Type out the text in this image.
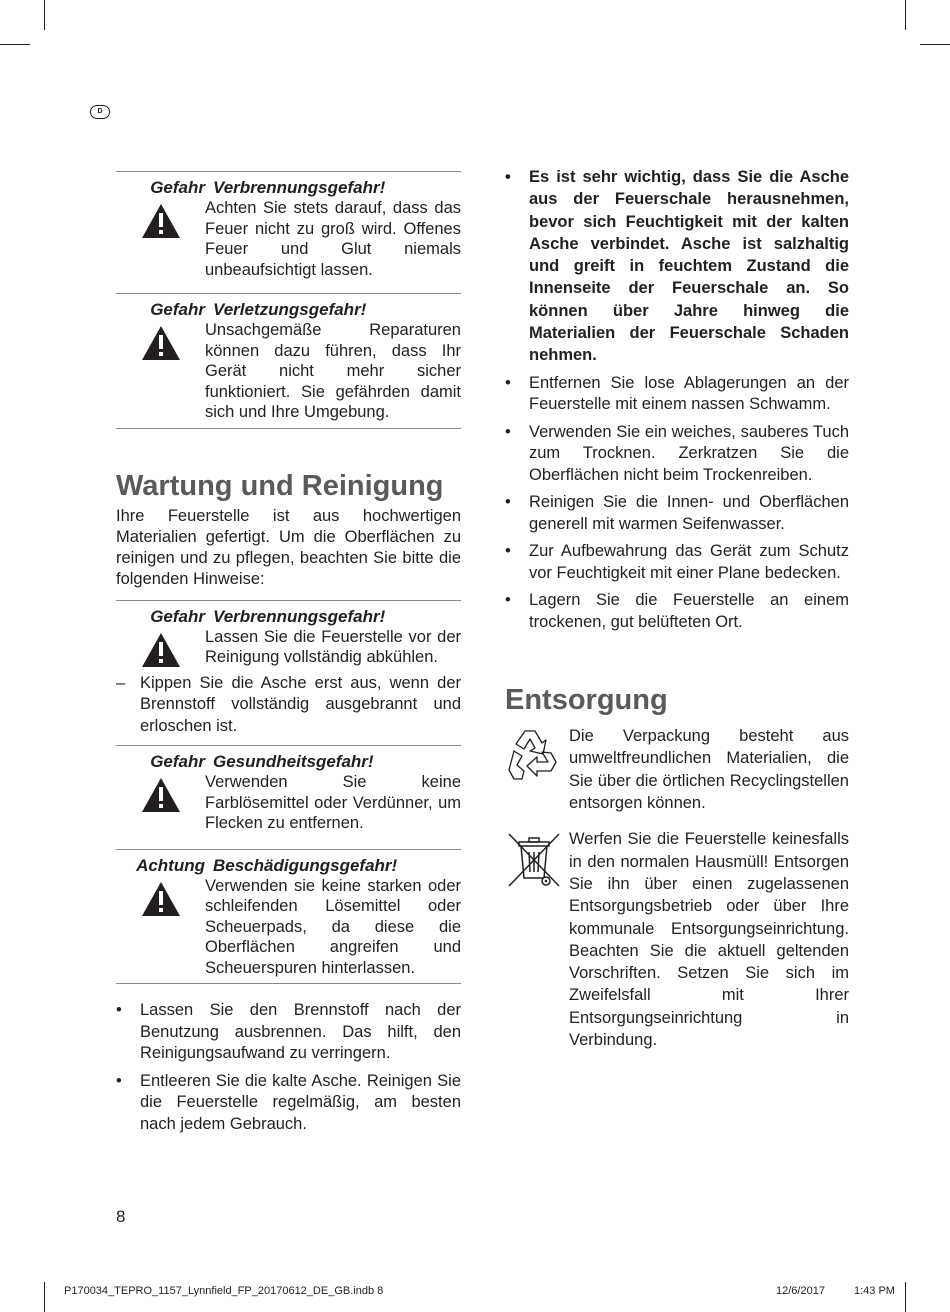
D
Gefahr Verbrennungsgefahr!
Achten Sie stets darauf, dass das Feuer nicht zu groß wird. Offenes Feuer und Glut niemals unbeaufsichtigt lassen.
Gefahr Verletzungsgefahr!
Unsachgemäße Reparaturen können dazu führen, dass Ihr Gerät nicht mehr sicher funktioniert. Sie gefährden damit sich und Ihre Umgebung.
Wartung und Reinigung
Ihre Feuerstelle ist aus hochwertigen Materialien gefertigt. Um die Oberflächen zu reinigen und zu pflegen, beachten Sie bitte die folgenden Hinweise:
Gefahr Verbrennungsgefahr!
Lassen Sie die Feuerstelle vor der Reinigung vollständig abkühlen.
– Kippen Sie die Asche erst aus, wenn der Brennstoff vollständig ausgebrannt und erloschen ist.
Gefahr Gesundheitsgefahr!
Verwenden Sie keine Farblösemittel oder Verdünner, um Flecken zu entfernen.
Achtung Beschädigungsgefahr!
Verwenden sie keine starken oder schleifenden Lösemittel oder Scheuerpads, da diese die Oberflächen angreifen und Scheuerspuren hinterlassen.
•	Lassen Sie den Brennstoff nach der Benutzung ausbrennen. Das hilft, den Reinigungsaufwand zu verringern.
•	Entleeren Sie die kalte Asche. Reinigen Sie die Feuerstelle regelmäßig, am besten nach jedem Gebrauch.
•	Es ist sehr wichtig, dass Sie die Asche aus der Feuerschale herausnehmen, bevor sich Feuchtigkeit mit der kalten Asche verbindet. Asche ist salzhaltig und greift in feuchtem Zustand die Innenseite der Feuerschale an. So können über Jahre hinweg die Materialien der Feuerschale Schaden nehmen.
•	Entfernen Sie lose Ablagerungen an der Feuerstelle mit einem nassen Schwamm.
•	Verwenden Sie ein weiches, sauberes Tuch zum Trocknen. Zerkratzen Sie die Oberflächen nicht beim Trockenreiben.
•	Reinigen Sie die Innen- und Oberflächen generell mit warmen Seifenwasser.
•	Zur Aufbewahrung das Gerät zum Schutz vor Feuchtigkeit mit einer Plane bedecken.
•	Lagern Sie die Feuerstelle an einem trockenen, gut belüfteten Ort.
Entsorgung
Die Verpackung besteht aus umweltfreundlichen Materialien, die Sie über die örtlichen Recyclingstellen entsorgen können.
Werfen Sie die Feuerstelle keinesfalls in den normalen Hausmüll! Entsorgen Sie ihn über einen zugelassenen Entsorgungsbetrieb oder über Ihre kommunale Entsorgungseinrichtung. Beachten Sie die aktuell geltenden Vorschriften. Setzen Sie sich im Zweifelsfall mit Ihrer Entsorgungseinrichtung in Verbindung.
8
P170034_TEPRO_1157_Lynnfield_FP_20170612_DE_GB.indb 8	12/6/2017	1:43 PM
